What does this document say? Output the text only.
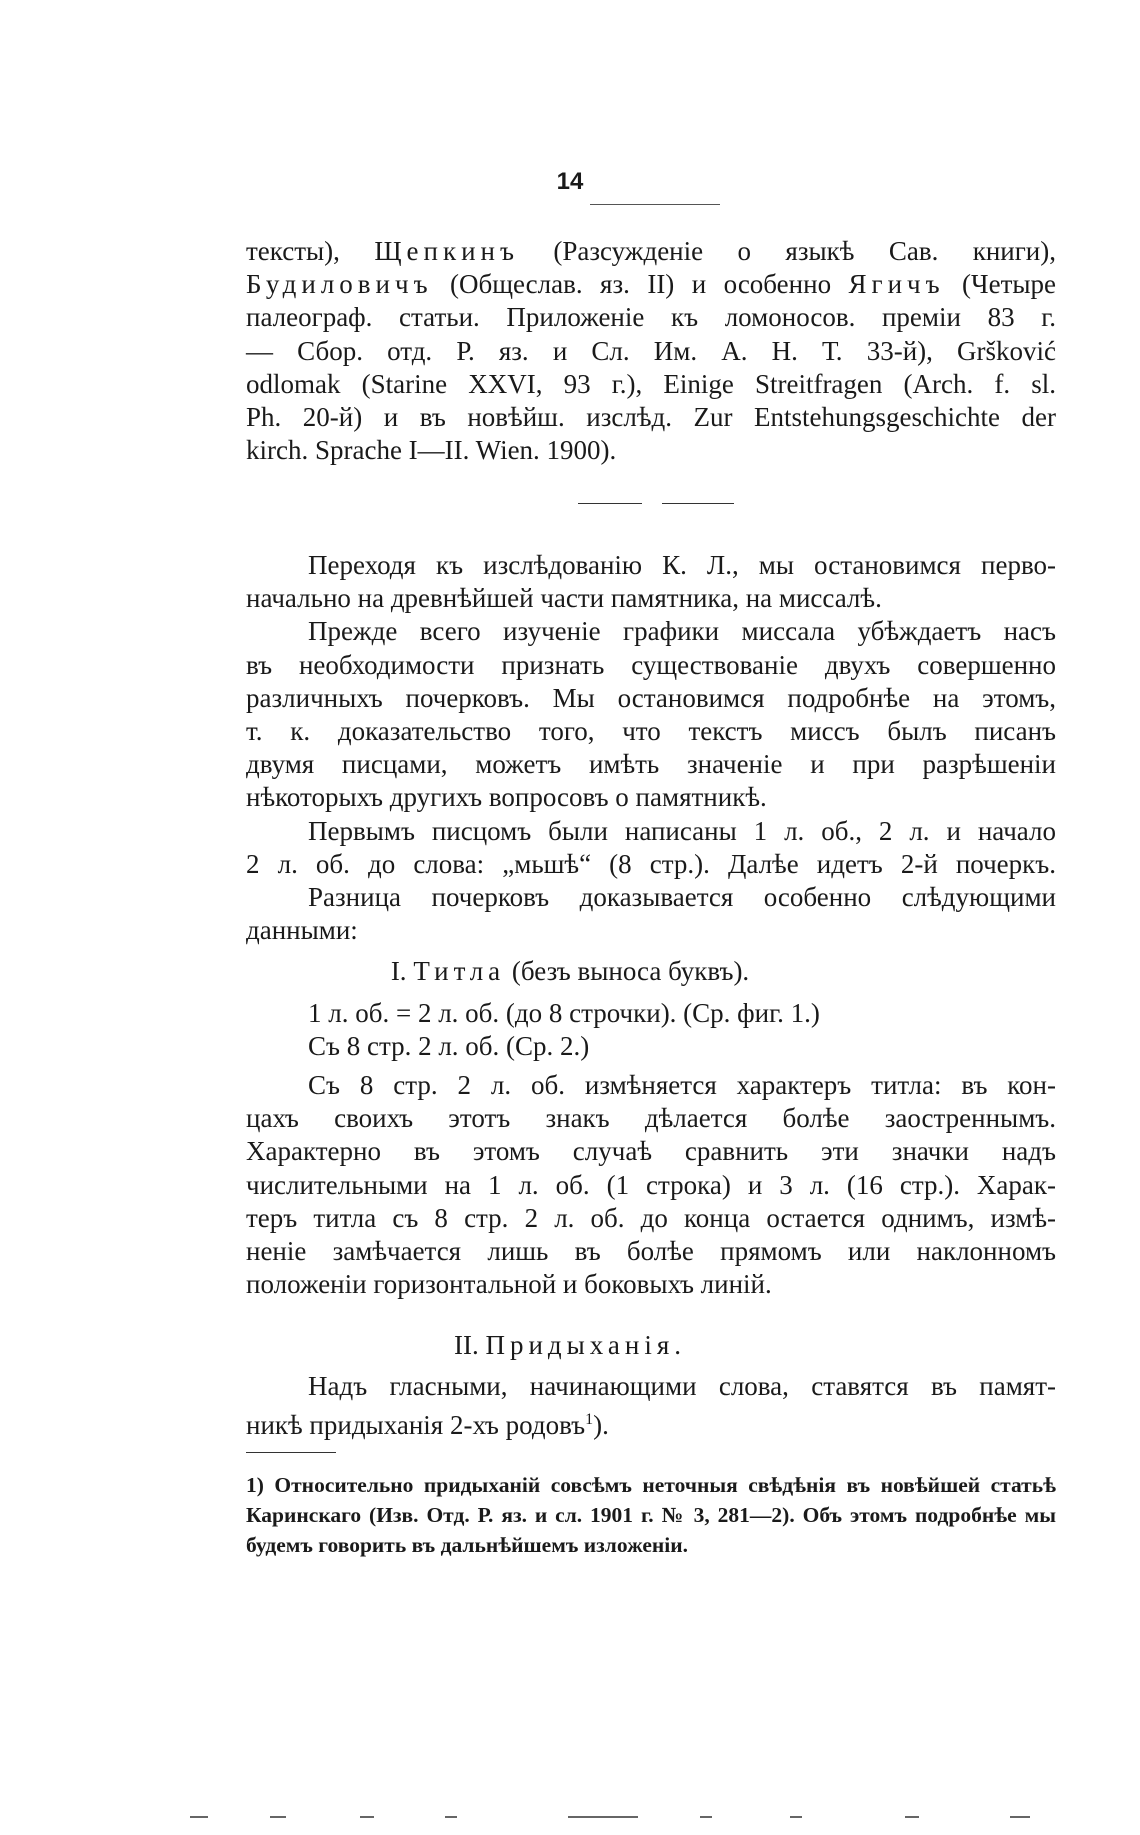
14
тексты), Щепкинъ (Разсужденіе о языкѣ Сав. книги),
Будиловичъ (Общеслав. яз. II) и особенно Ягичъ (Четыре
палеограф. статьи. Приложеніе къ ломоносов. преміи 83 г.
— Сбор. отд. Р. яз. и Сл. Им. А. Н. Т. 33-й), Gršković
odlomak (Starine XXVI, 93 г.), Einige Streitfragen (Arch. f. sl.
Ph. 20-й) и въ новѣйш. изслѣд. Zur Entstehungsgeschichte der
kirch. Sprache I—II. Wien. 1900).
Переходя къ изслѣдованію К. Л., мы остановимся перво-
начально на древнѣйшей части памятника, на миссалѣ.
Прежде всего изученіе графики миссала убѣждаетъ насъ
въ необходимости признать существованіе двухъ совершенно
различныхъ почерковъ. Мы остановимся подробнѣе на этомъ,
т. к. доказательство того, что текстъ миссъ былъ писанъ
двумя писцами, можетъ имѣть значеніе и при разрѣшеніи
нѣкоторыхъ другихъ вопросовъ о памятникѣ.
Первымъ писцомъ были написаны 1 л. об., 2 л. и начало
2 л. об. до слова: „мьшѣ“ (8 стр.). Далѣе идетъ 2-й почеркъ.
Разница почерковъ доказывается особенно слѣдующими
данными:
I. Титла (безъ выноса буквъ).
1 л. об. = 2 л. об. (до 8 строчки). (Ср. фиг. 1.)
Съ 8 стр. 2 л. об. (Ср. 2.)
Съ 8 стр. 2 л. об. измѣняется характеръ титла: въ кон-
цахъ своихъ этотъ знакъ дѣлается болѣе заостреннымъ.
Характерно въ этомъ случаѣ сравнить эти значки надъ
числительными на 1 л. об. (1 строка) и 3 л. (16 стр.). Харак-
теръ титла съ 8 стр. 2 л. об. до конца остается однимъ, измѣ-
неніе замѣчается лишь въ болѣе прямомъ или наклонномъ
положеніи горизонтальной и боковыхъ линій.
II. Придыханія.
Надъ гласными, начинающими слова, ставятся въ памят-
никѣ придыханія 2-хъ родовъ$^1$).
1) Относительно придыханій совсѣмъ неточныя свѣдѣнія въ новѣйшей статьѣ Каринскаго (Изв. Отд. Р. яз. и сл. 1901 г. № 3, 281—2). Объ этомъ подробнѣе мы будемъ говорить въ дальнѣйшемъ изложеніи.
